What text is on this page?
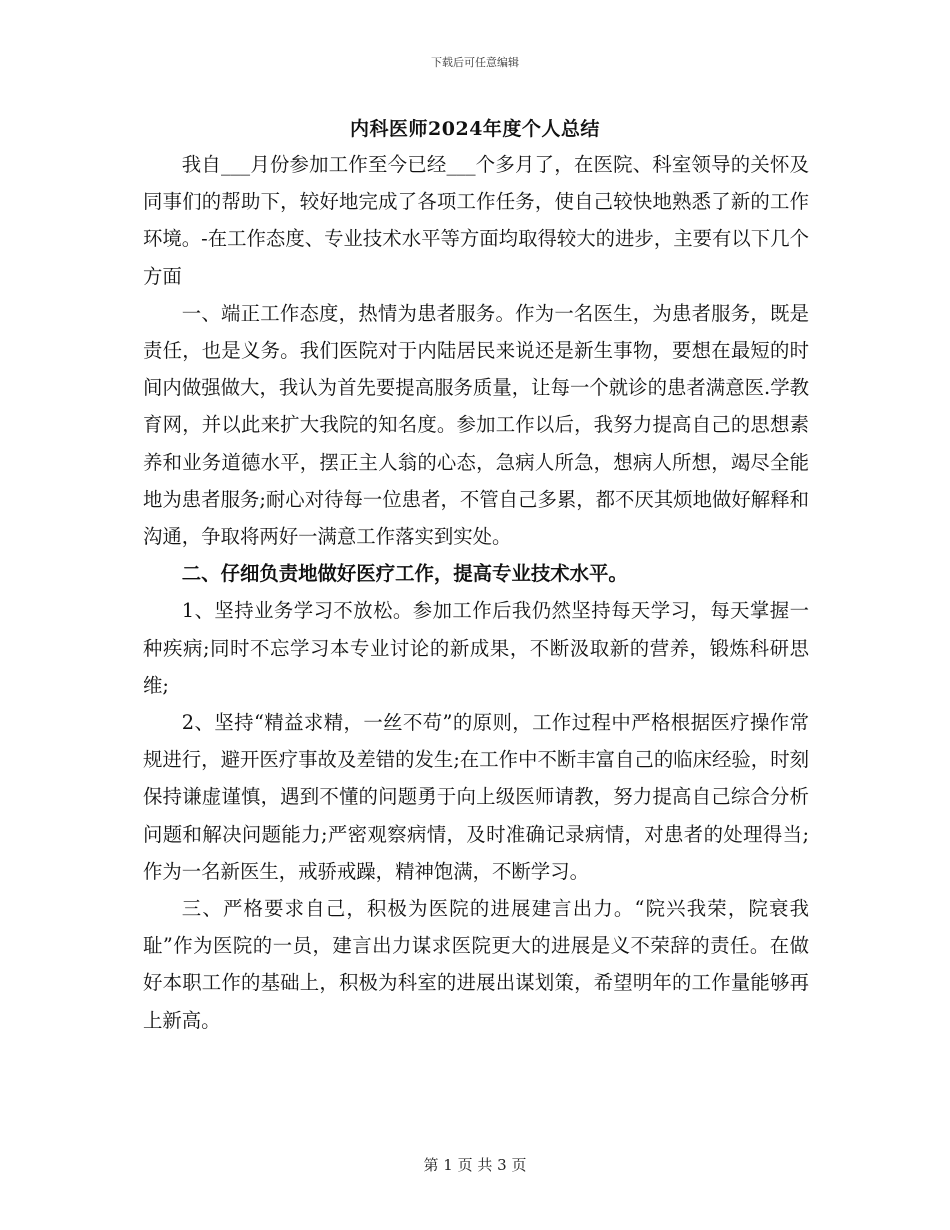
下载后可任意编辑
内科医师2024年度个人总结

我自___月份参加工作至今已经___个多月了，在医院、科室领导的关怀及同事们的帮助下，较好地完成了各项工作任务，使自己较快地熟悉了新的工作环境。-在工作态度、专业技术水平等方面均取得较大的进步，主要有以下几个方面

一、端正工作态度，热情为患者服务。作为一名医生，为患者服务，既是责任，也是义务。我们医院对于内陆居民来说还是新生事物，要想在最短的时间内做强做大，我认为首先要提高服务质量，让每一个就诊的患者满意医.学教育网，并以此来扩大我院的知名度。参加工作以后，我努力提高自己的思想素养和业务道德水平，摆正主人翁的心态，急病人所急，想病人所想，竭尽全能地为患者服务;耐心对待每一位患者，不管自己多累，都不厌其烦地做好解释和沟通，争取将两好一满意工作落实到实处。

二、仔细负责地做好医疗工作，提高专业技术水平。

1、坚持业务学习不放松。参加工作后我仍然坚持每天学习，每天掌握一种疾病;同时不忘学习本专业讨论的新成果，不断汲取新的营养，锻炼科研思维;

2、坚持“精益求精，一丝不苟”的原则，工作过程中严格根据医疗操作常规进行，避开医疗事故及差错的发生;在工作中不断丰富自己的临床经验，时刻保持谦虚谨慎，遇到不懂的问题勇于向上级医师请教，努力提高自己综合分析问题和解决问题能力;严密观察病情，及时准确记录病情，对患者的处理得当;作为一名新医生，戒骄戒躁，精神饱满，不断学习。

三、严格要求自己，积极为医院的进展建言出力。“院兴我荣，院衰我耻”作为医院的一员，建言出力谋求医院更大的进展是义不荣辞的责任。在做好本职工作的基础上，积极为科室的进展出谋划策，希望明年的工作量能够再上新高。

第 1 页 共 3 页
